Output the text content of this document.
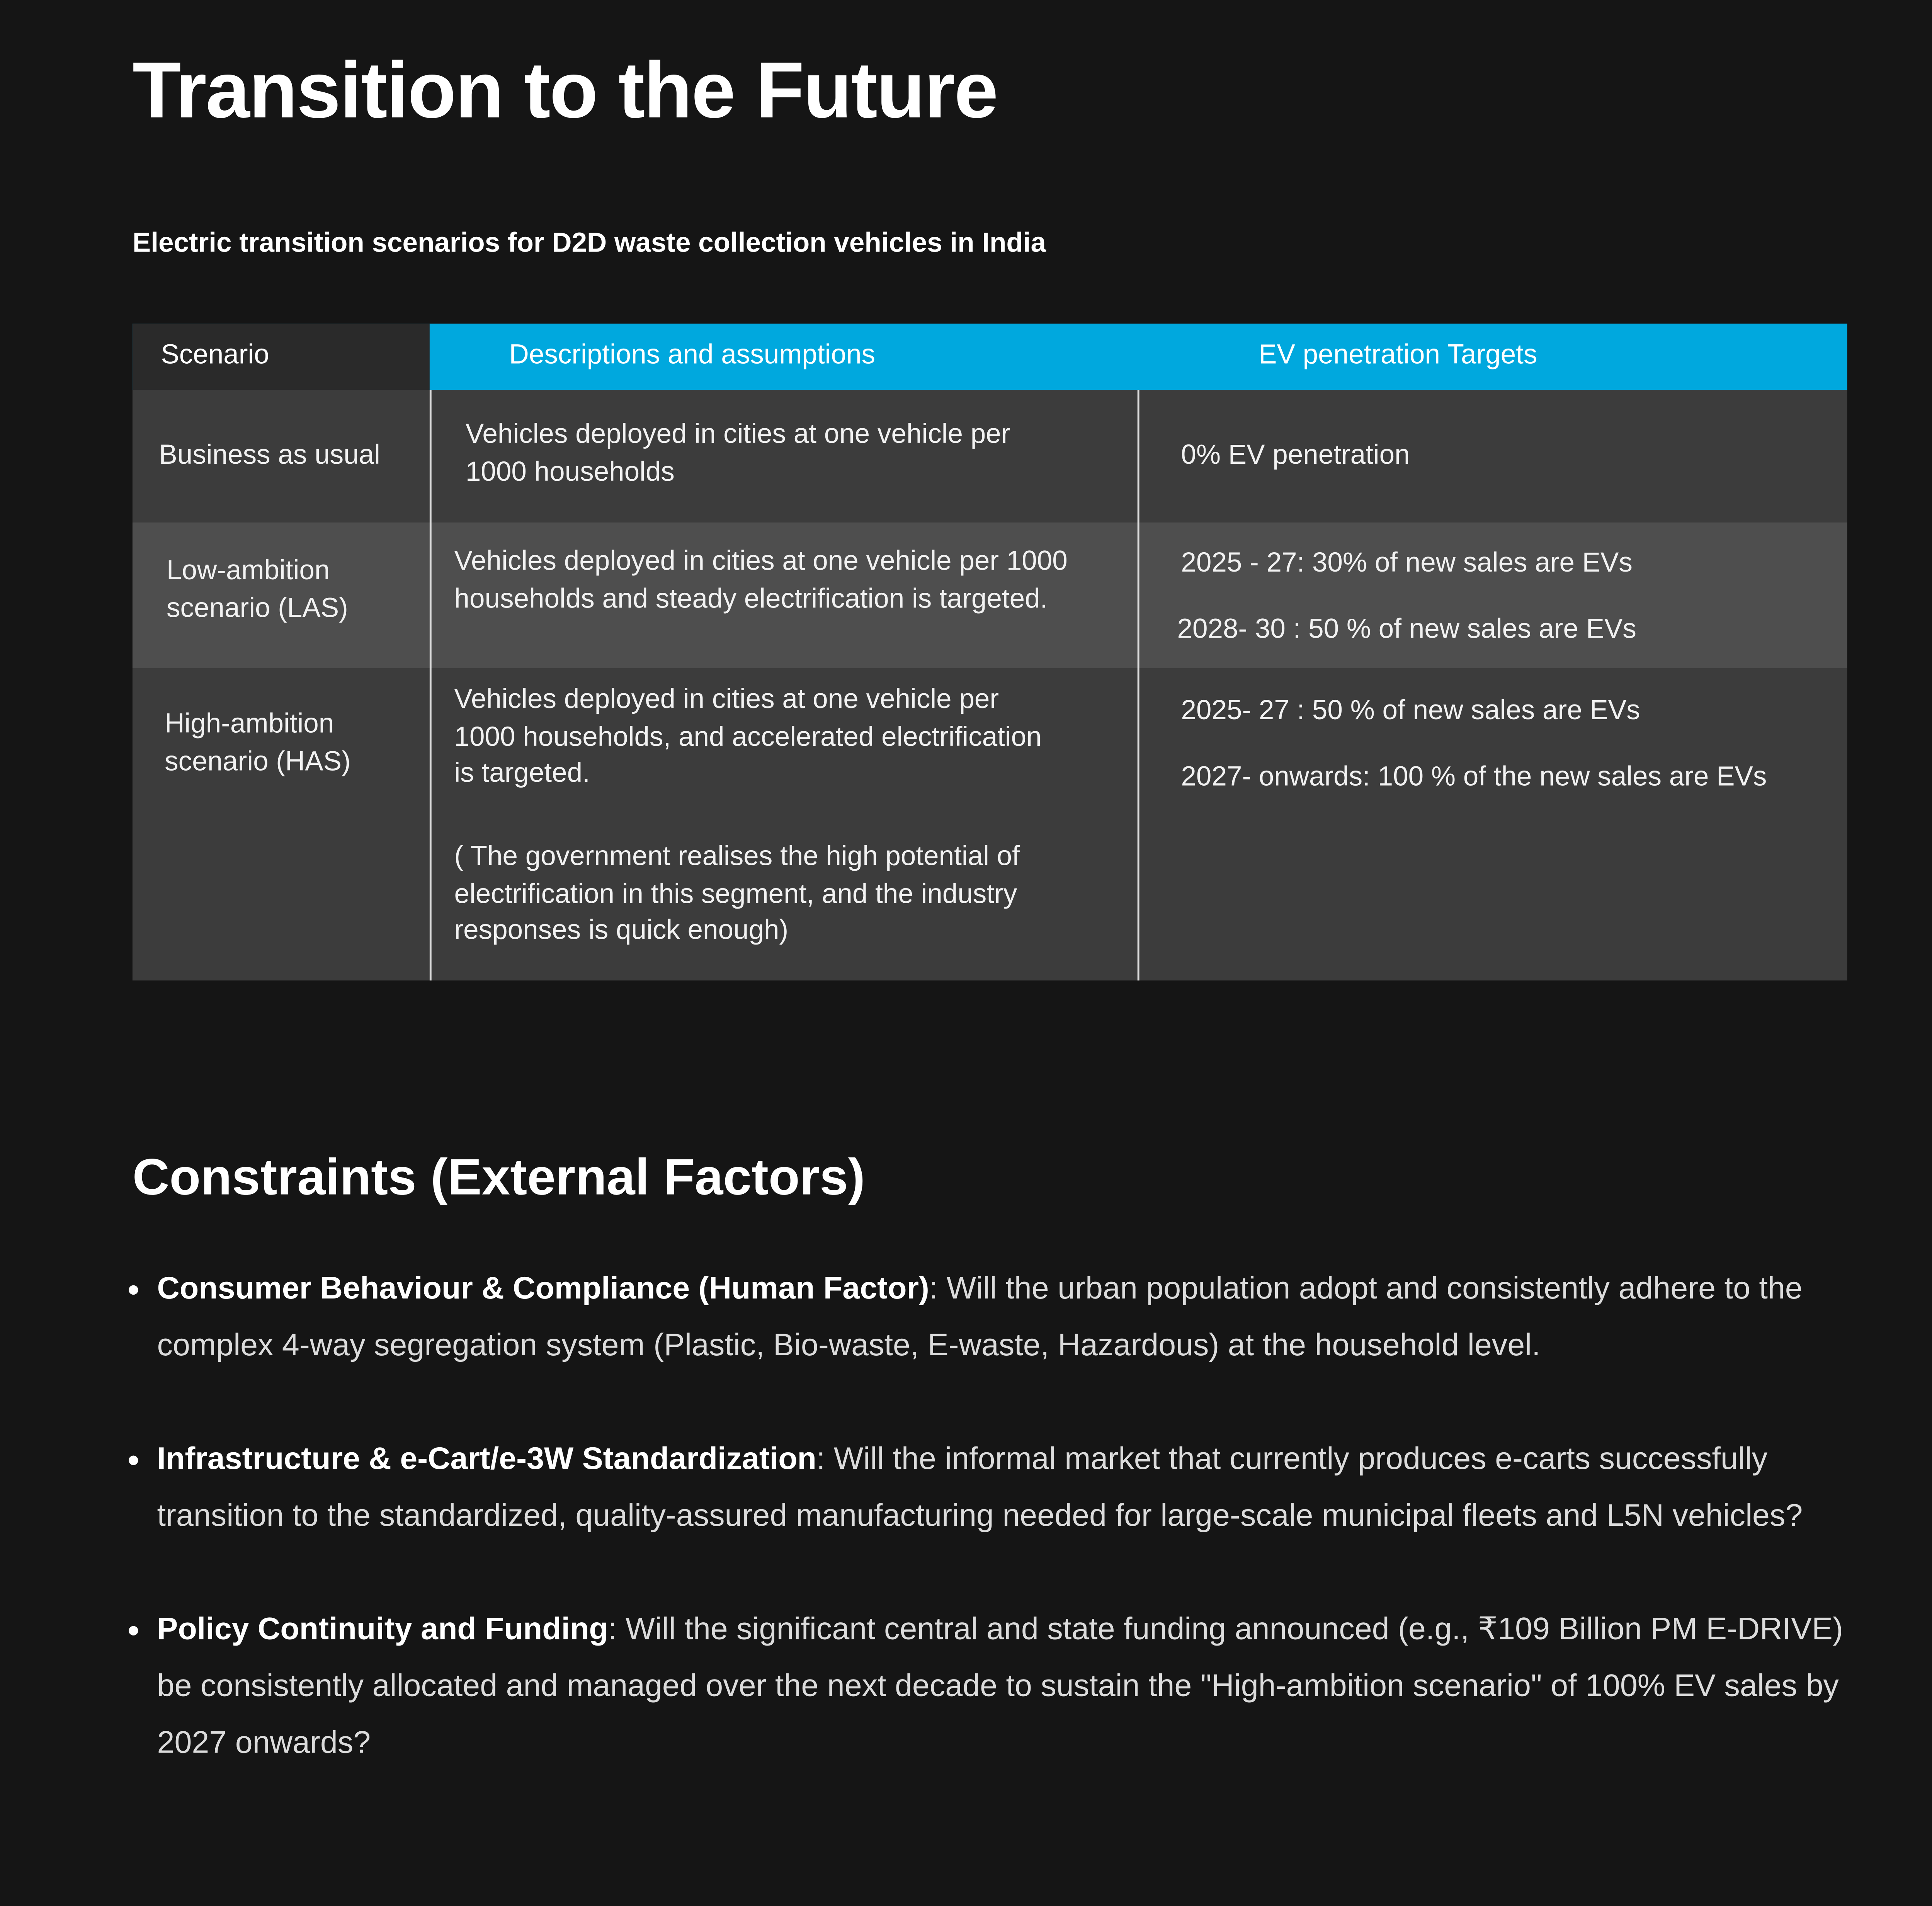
Transition to the Future

Electric transition scenarios for D2D waste collection vehicles in India

Scenario	Descriptions and assumptions	EV penetration Targets
Business as usual
Vehicles deployed in cities at one vehicle per
1000 households
0% EV penetration
Low-ambition
scenario (LAS)
Vehicles deployed in cities at one vehicle per 1000
households and steady electrification is targeted.
2025 - 27: 30% of new sales are EVs
2028- 30 : 50 % of new sales are EVs
High-ambition
scenario (HAS)
Vehicles deployed in cities at one vehicle per
1000 households, and accelerated electrification
is targeted.
( The government realises the high potential of
electrification in this segment, and the industry
responses is quick enough)
2025- 27 : 50 % of new sales are EVs
2027- onwards: 100 % of the new sales are EVs
Constraints (External Factors)
Consumer Behaviour & Compliance (Human Factor): Will the urban population adopt and consistently adhere to the complex 4-way segregation system (Plastic, Bio-waste, E-waste, Hazardous) at the household level.
Infrastructure & e-Cart/e-3W Standardization: Will the informal market that currently produces e-carts successfully transition to the standardized, quality-assured manufacturing needed for large-scale municipal fleets and L5N vehicles?
Policy Continuity and Funding: Will the significant central and state funding announced (e.g., ₹109 Billion PM E-DRIVE) be consistently allocated and managed over the next decade to sustain the "High-ambition scenario" of 100% EV sales by 2027 onwards?
